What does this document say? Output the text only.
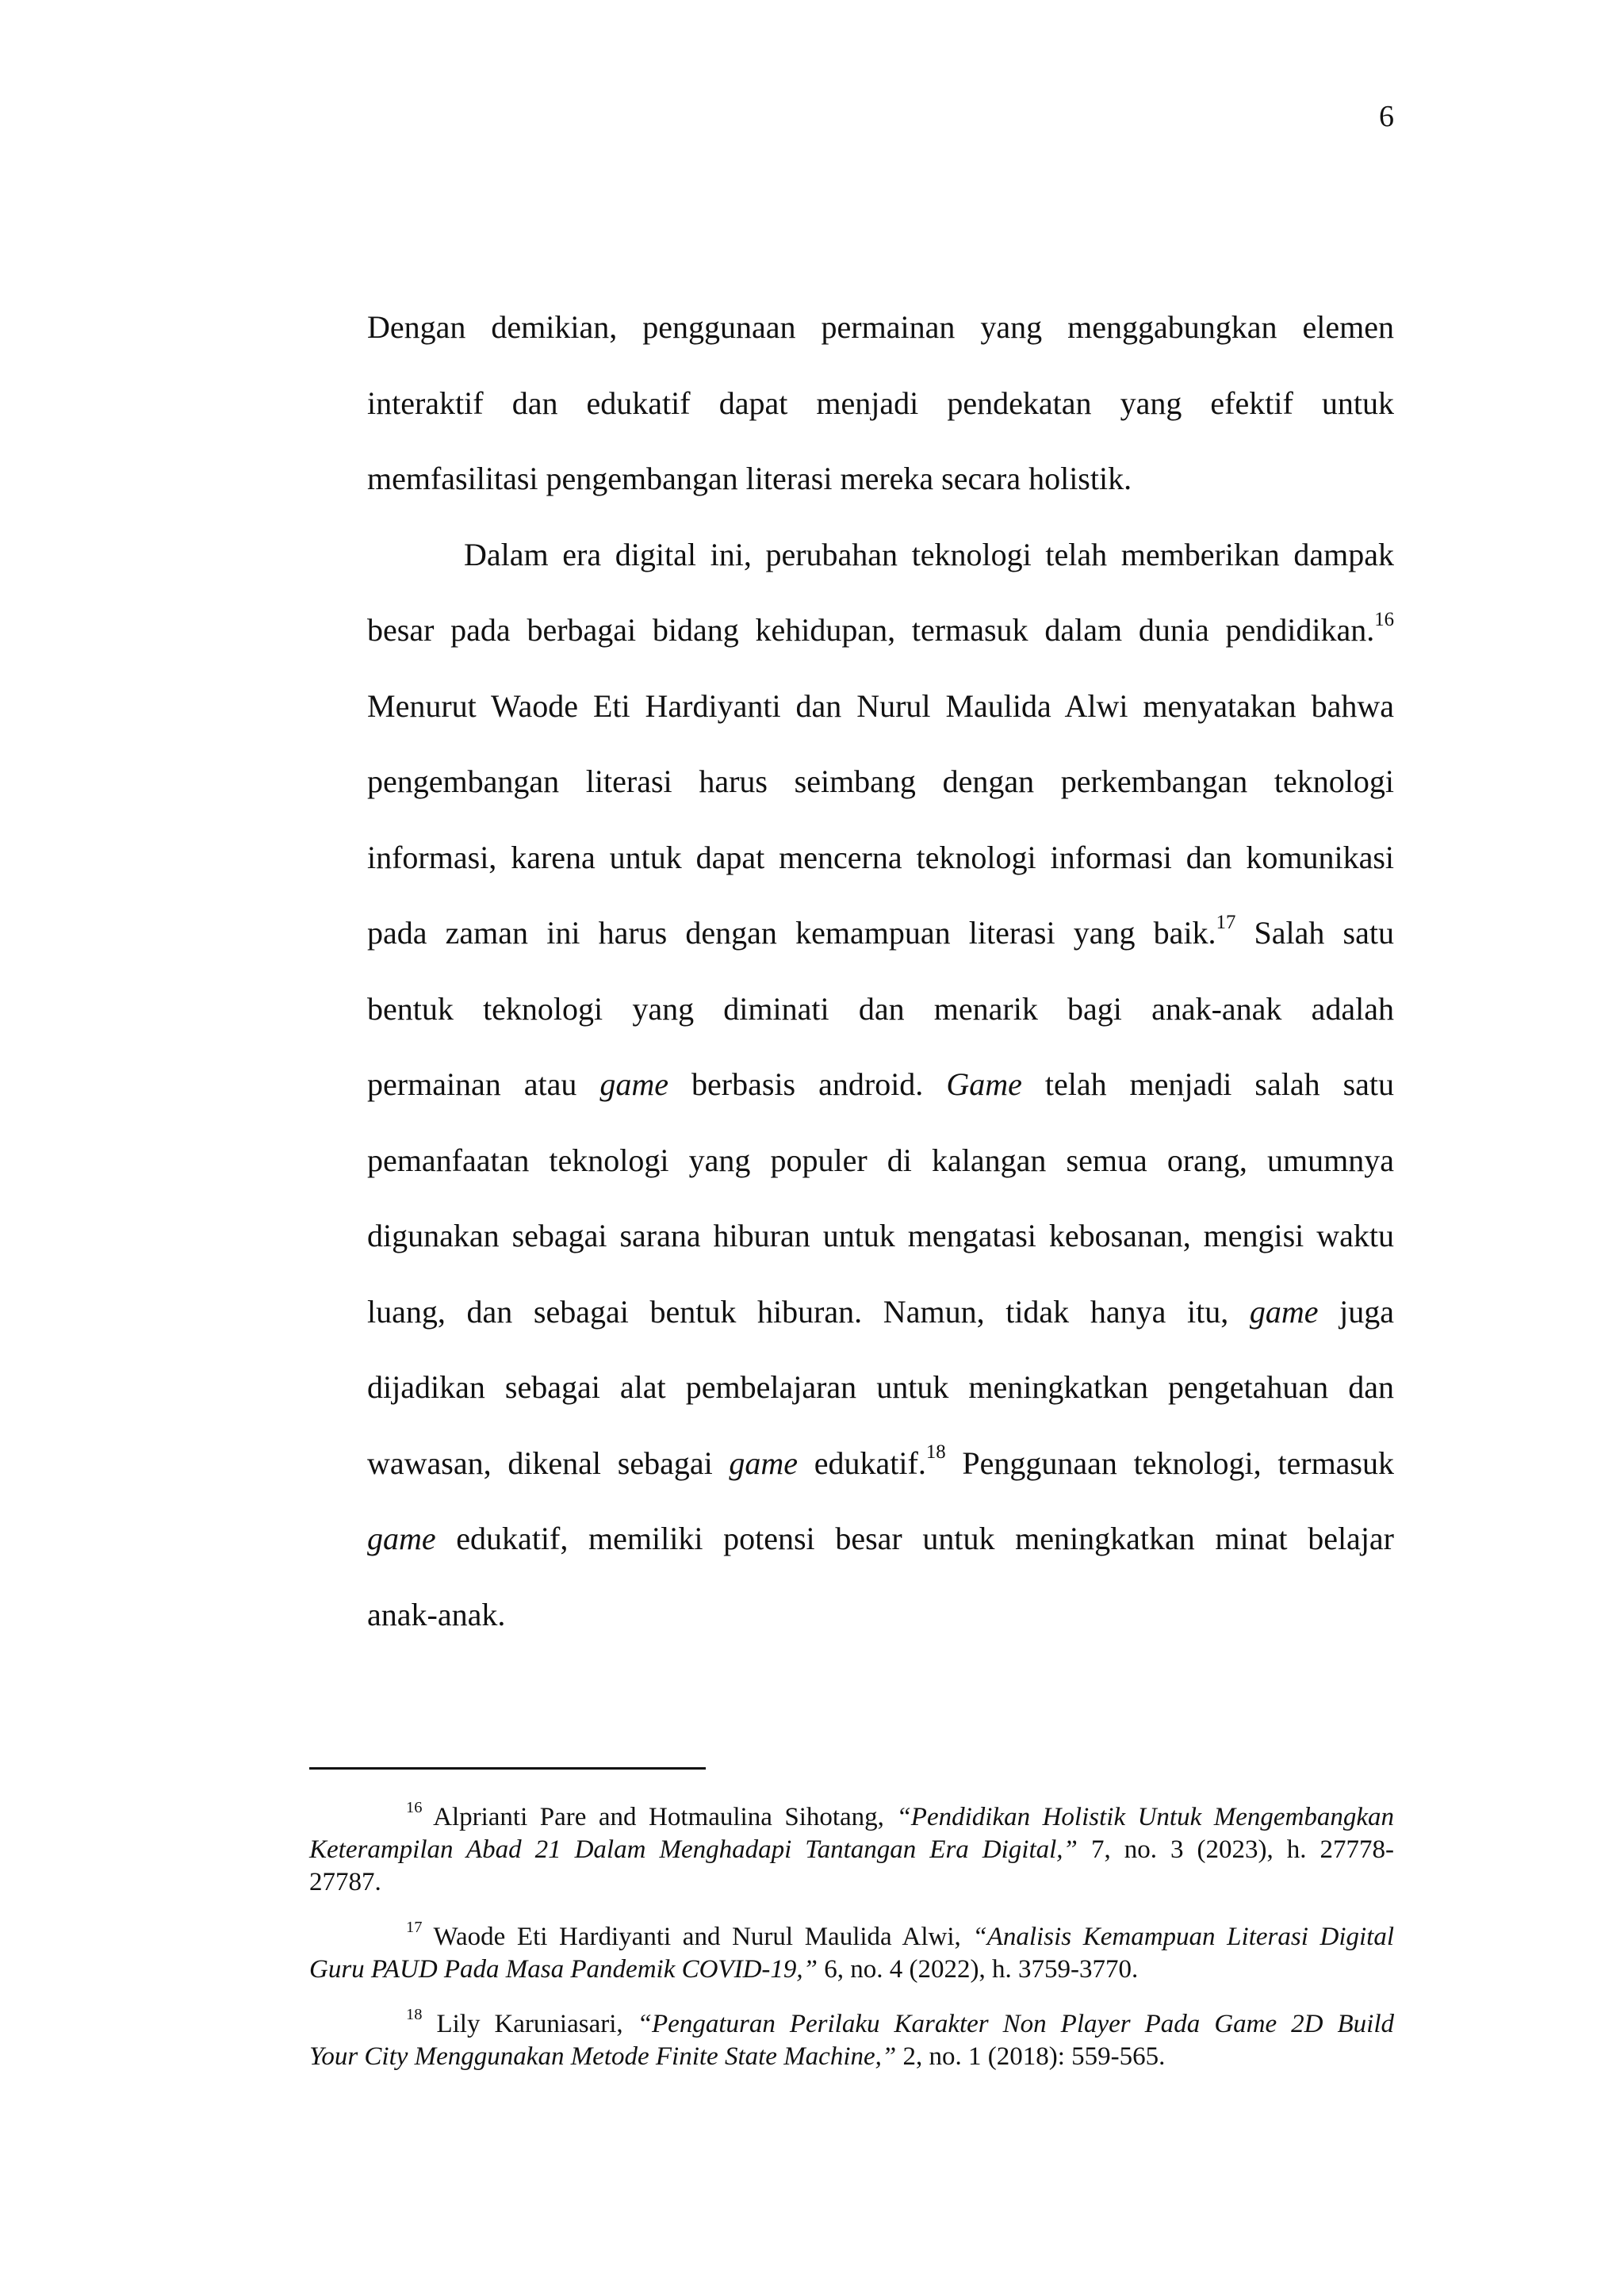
6
Dengan demikian, penggunaan permainan yang menggabungkan elemen
interaktif dan edukatif dapat menjadi pendekatan yang efektif untuk
memfasilitasi pengembangan literasi mereka secara holistik.
Dalam era digital ini, perubahan teknologi telah memberikan dampak
besar pada berbagai bidang kehidupan, termasuk dalam dunia pendidikan.$^{16}$
Menurut Waode Eti Hardiyanti dan Nurul Maulida Alwi menyatakan bahwa
pengembangan literasi harus seimbang dengan perkembangan teknologi
informasi, karena untuk dapat mencerna teknologi informasi dan komunikasi
pada zaman ini harus dengan kemampuan literasi yang baik.$^{17}$ Salah satu
bentuk teknologi yang diminati dan menarik bagi anak-anak adalah
permainan atau game berbasis android. Game telah menjadi salah satu
pemanfaatan teknologi yang populer di kalangan semua orang, umumnya
digunakan sebagai sarana hiburan untuk mengatasi kebosanan, mengisi waktu
luang, dan sebagai bentuk hiburan. Namun, tidak hanya itu, game juga
dijadikan sebagai alat pembelajaran untuk meningkatkan pengetahuan dan
wawasan, dikenal sebagai game edukatif.$^{18}$ Penggunaan teknologi, termasuk
game edukatif, memiliki potensi besar untuk meningkatkan minat belajar
anak-anak.
$^{16}$ Alprianti Pare and Hotmaulina Sihotang, “Pendidikan Holistik Untuk Mengembangkan
Keterampilan Abad 21 Dalam Menghadapi Tantangan Era Digital,” 7, no. 3 (2023), h. 27778-
27787.
$^{17}$ Waode Eti Hardiyanti and Nurul Maulida Alwi, “Analisis Kemampuan Literasi Digital
Guru PAUD Pada Masa Pandemik COVID-19,” 6, no. 4 (2022), h. 3759-3770.
$^{18}$ Lily Karuniasari, “Pengaturan Perilaku Karakter Non Player Pada Game 2D Build
Your City Menggunakan Metode Finite State Machine,” 2, no. 1 (2018): 559-565.
